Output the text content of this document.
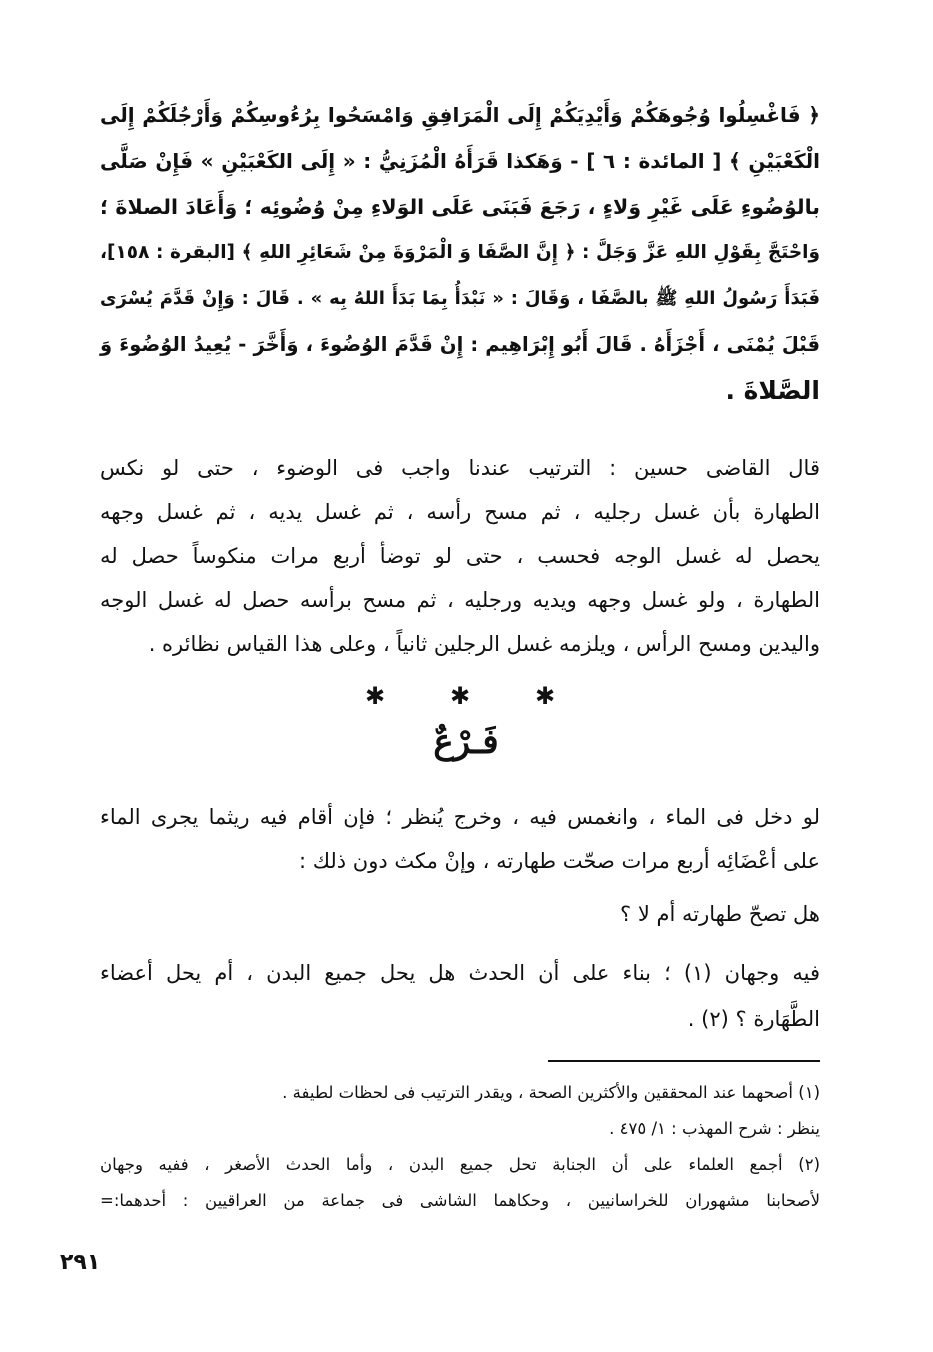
﴿ فَاغْسِلُوا وُجُوهَكُمْ وَأَيْدِيَكُمْ إِلَى الْمَرَافِقِ وَامْسَحُوا بِرُءُوسِكُمْ وَأَرْجُلَكُمْ إِلَى
الْكَعْبَيْنِ ﴾ [ المائدة : ٦ ] - وَهَكذا قَرَأَهُ الْمُزَنِيُّ : « إِلَى الكَعْبَيْنِ » فَإِنْ صَلَّى
بالوُضُوءِ عَلَى غَيْرِ وَلاءٍ ، رَجَعَ فَبَنَى عَلَى الوَلاءِ مِنْ وُضُوئِه ؛ وَأَعَادَ الصلاةَ ؛
وَاحْتَجَّ بِقَوْلِ اللهِ عَزَّ وَجَلَّ : ﴿ إِنَّ الصَّفَا وَ الْمَرْوَةَ مِنْ شَعَائِرِ اللهِ ﴾ [البقرة : ١٥٨]،
فَبَدَأَ رَسُولُ اللهِ ﷺ بالصَّفَا ، وَقَالَ : « نَبْدَأُ بِمَا بَدَأَ اللهُ بِه » . قَالَ : وَإِنْ قَدَّمَ يُسْرَى
قَبْلَ يُمْنَى ، أَجْزَأَهُ . قَالَ أَبُو إِبْرَاهِيم : إِنْ قَدَّمَ الوُضُوءَ ، وَأَخَّرَ - يُعِيدُ الوُضُوءَ وَ
الصَّلاةَ .
قال القاضى حسين : الترتيب عندنا واجب فى الوضوء ، حتى لو نكس
الطهارة بأن غسل رجليه ، ثم مسح رأسه ، ثم غسل يديه ، ثم غسل وجهه
يحصل له غسل الوجه فحسب ، حتى لو توضأ أربع مرات منكوساً حصل له
الطهارة ، ولو غسل وجهه ويديه ورجليه ، ثم مسح برأسه حصل له غسل الوجه
واليدين ومسح الرأس ، ويلزمه غسل الرجلين ثانياً ، وعلى هذا القياس نظائره .
✱	✱	✱
فَـرْعٌ
لو دخل فى الماء ، وانغمس فيه ، وخرج يُنظر ؛ فإن أقام فيه ريثما يجرى الماء
على أعْضَائِه أربع مرات صحّت طهارته ، وإنْ مكث دون ذلك :
هل تصحّ طهارته أم لا ؟
فيه وجهان (١) ؛ بناء على أن الحدث هل يحل جميع البدن ، أم يحل أعضاء
الطَّهَارة ؟ (٢) .
(١) أصحهما عند المحققين والأكثرين الصحة ، ويقدر الترتيب فى لحظات لطيفة .
ينظر : شرح المهذب : ١/ ٤٧٥ .
(٢) أجمع العلماء على أن الجنابة تحل جميع البدن ، وأما الحدث الأصغر ، ففيه وجهان
لأصحابنا مشهوران للخراسانيين ، وحكاهما الشاشى فى جماعة من العراقيين : أحدهما:=
٢٩١
